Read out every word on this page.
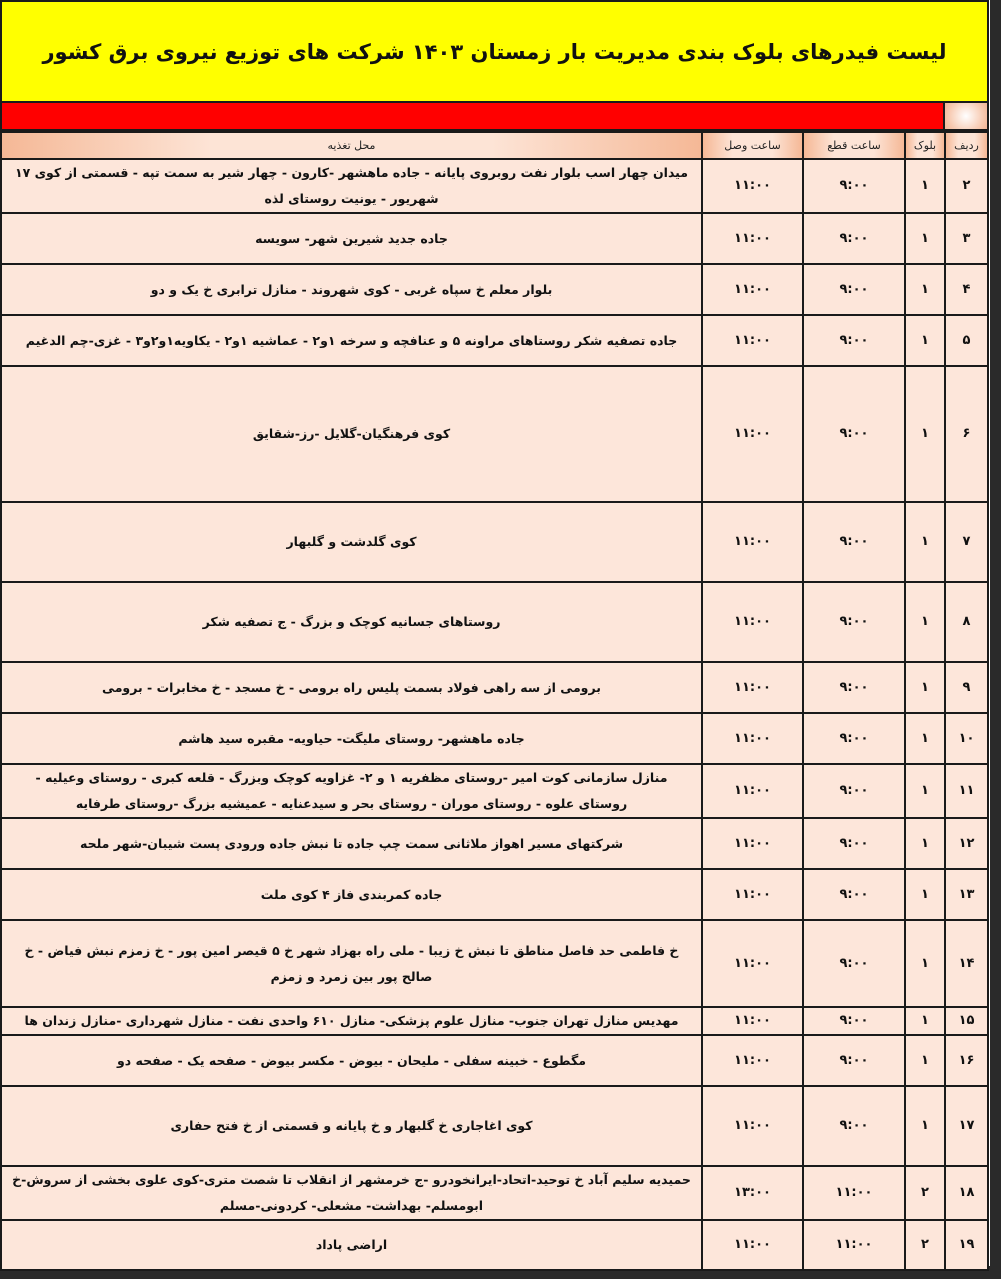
لیست فیدرهای بلوک بندی مدیریت بار زمستان ۱۴۰۳ شرکت های توزیع نیروی برق کشور
ردیف	بلوک	ساعت قطع	ساعت وصل	محل تغذیه
۲	۱	۹:۰۰	۱۱:۰۰	میدان چهار اسب بلوار نفت روبروی پایانه - جاده ماهشهر -کارون - چهار شیر به سمت تپه - قسمتی از کوی ۱۷ شهریور - یونیت روستای لذه
۳	۱	۹:۰۰	۱۱:۰۰	جاده جدید شیرین شهر- سویسه
۴	۱	۹:۰۰	۱۱:۰۰	بلوار معلم خ سپاه غربی - کوی شهروند - منازل ترابری خ یک و دو
۵	۱	۹:۰۰	۱۱:۰۰	جاده تصفیه شکر روستاهای مراونه ۵ و عنافچه و سرخه ۱و۲ - عماشیه ۱و۲ - یکاویه۱و۲و۳ - غزی-چم الدغیم
۶	۱	۹:۰۰	۱۱:۰۰	کوی فرهنگیان-گلایل -رز-شقایق
۷	۱	۹:۰۰	۱۱:۰۰	کوی گلدشت و گلبهار
۸	۱	۹:۰۰	۱۱:۰۰	روستاهای جسانیه کوچک و بزرگ - ج تصفیه شکر
۹	۱	۹:۰۰	۱۱:۰۰	برومی از سه راهی فولاد بسمت پلیس راه برومی - خ مسجد - خ مخابرات - برومی
۱۰	۱	۹:۰۰	۱۱:۰۰	جاده ماهشهر- روستای ملیگت- حیاویه- مقبره سید هاشم
۱۱	۱	۹:۰۰	۱۱:۰۰	منازل سازمانی کوت امیر -روستای مظفریه ۱ و ۲- غزاویه کوچک وبزرگ - قلعه کبری - روستای وعیلیه - روستای علوه - روستای موران - روستای بحر و سیدعنایه - عمیشیه بزرگ -روستای طرفایه
۱۲	۱	۹:۰۰	۱۱:۰۰	شرکتهای مسیر اهواز ملاثانی سمت چپ جاده تا نبش جاده ورودی پست شیبان-شهر ملحه
۱۳	۱	۹:۰۰	۱۱:۰۰	جاده کمربندی فاز ۴ کوی ملت
۱۴	۱	۹:۰۰	۱۱:۰۰	خ فاطمی حد فاصل مناطق تا نبش خ زیبا - ملی راه بهزاد شهر خ ۵ قیصر امین پور - خ زمزم نبش فیاض - خ صالح پور بین زمرد و زمزم
۱۵	۱	۹:۰۰	۱۱:۰۰	مهدیس منازل تهران جنوب- منازل علوم پزشکی- منازل ۶۱۰ واحدی نفت - منازل شهرداری -منازل زندان ها
۱۶	۱	۹:۰۰	۱۱:۰۰	مگطوع - خبینه سفلی - ملیحان - بیوض - مکسر بیوض - صفحه یک - صفحه دو
۱۷	۱	۹:۰۰	۱۱:۰۰	کوی اغاجاری خ گلبهار و خ پایانه و قسمتی از خ فتح حفاری
۱۸	۲	۱۱:۰۰	۱۳:۰۰	حمیدیه سلیم آباد خ توحید-اتحاد-ایرانخودرو -ج خرمشهر از انقلاب تا شصت متری-کوی علوی بخشی از سروش-خ ابومسلم- بهداشت- مشعلی- کردونی-مسلم
۱۹	۲	۱۱:۰۰	۱۱:۰۰	اراضی پاداد
